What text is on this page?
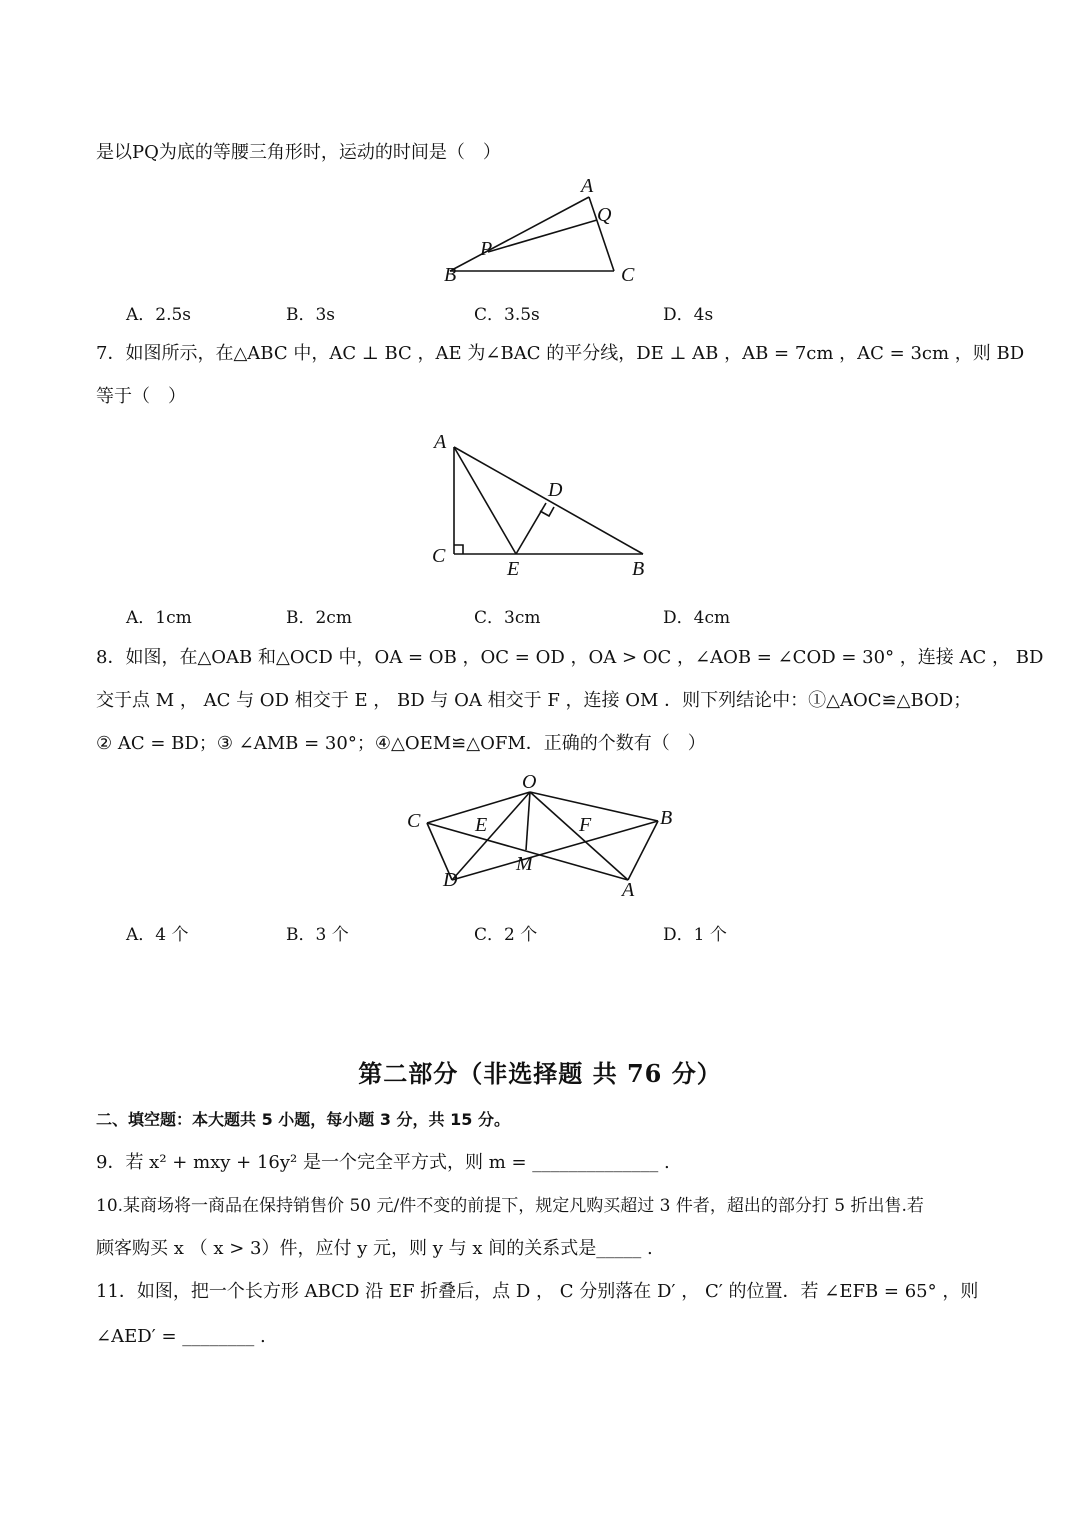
是以PQ为底的等腰三角形时，运动的时间是（　）
A
Q
P
B	C
A．2.5s	B．3s	C．3.5s	D．4s
7．如图所示，在△ABC 中，AC ⊥ BC ，AE 为∠BAC 的平分线，DE ⊥ AB ，AB = 7cm ，AC = 3cm ，则 BD
等于（　）
A
D
C
E	B
A．1cm	B．2cm	C．3cm	D．4cm
8．如图，在△OAB 和△OCD 中，OA = OB ，OC = OD ，OA > OC ，∠AOB = ∠COD = 30° ，连接 AC ， BD
交于点 M ， AC 与 OD 相交于 E ， BD 与 OA 相交于 F ，连接 OM ．则下列结论中：①△AOC≌△BOD；
② AC = BD；③ ∠AMB = 30°；④△OEM≌△OFM．正确的个数有（　）
O
C	B
E	F
M
D	A
A．4 个	B．3 个	C．2 个	D．1 个
第二部分（非选择题 共 76 分）
二、填空题：本大题共 5 小题，每小题 3 分，共 15 分。
9．若 x² + mxy + 16y² 是一个完全平方式，则 m = ______________ .
10.某商场将一商品在保持销售价 50 元/件不变的前提下，规定凡购买超过 3 件者，超出的部分打 5 折出售.若
顾客购买 x （ x > 3）件，应付 y 元，则 y 与 x 间的关系式是_____ .
11．如图，把一个长方形 ABCD 沿 EF 折叠后，点 D ， C 分别落在 D′ ， C′ 的位置．若 ∠EFB = 65° ，则
∠AED′ = ________ .
